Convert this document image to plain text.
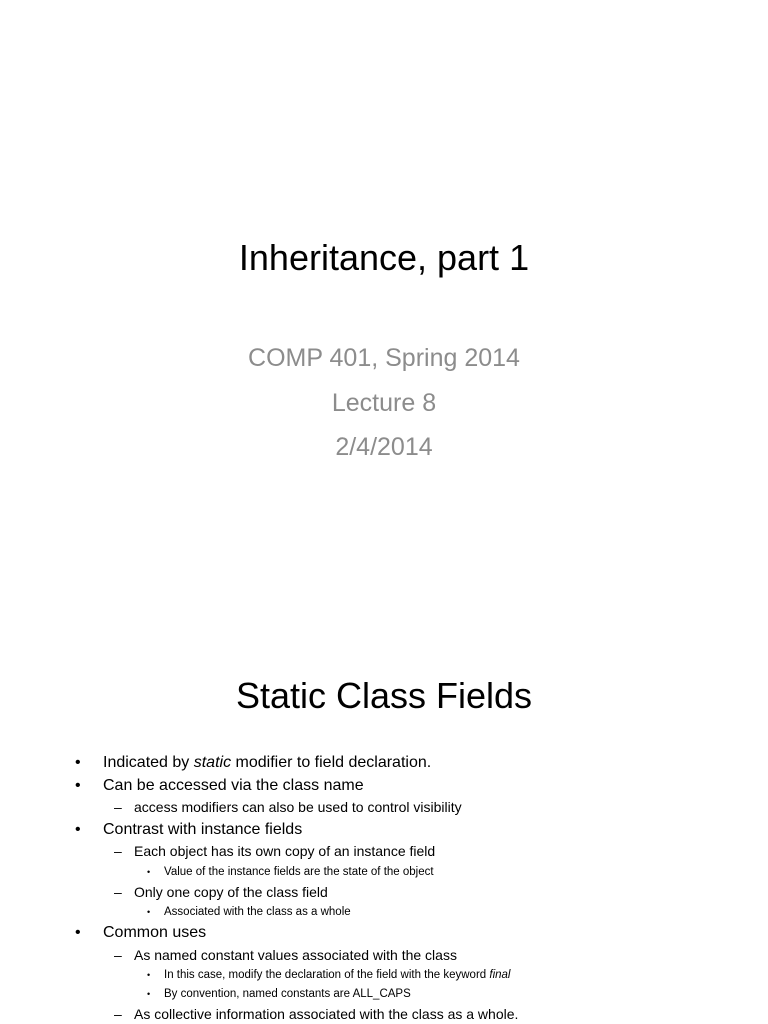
Inheritance, part 1
COMP 401, Spring 2014
Lecture 8
2/4/2014
Static Class Fields
• Indicated by static modifier to field declaration.
• Can be accessed via the class name
– access modifiers can also be used to control visibility
• Contrast with instance fields
– Each object has its own copy of an instance field
• Value of the instance fields are the state of the object
– Only one copy of the class field
• Associated with the class as a whole
• Common uses
– As named constant values associated with the class
• In this case, modify the declaration of the field with the keyword final
• By convention, named constants are ALL_CAPS
– As collective information associated with the class as a whole.
